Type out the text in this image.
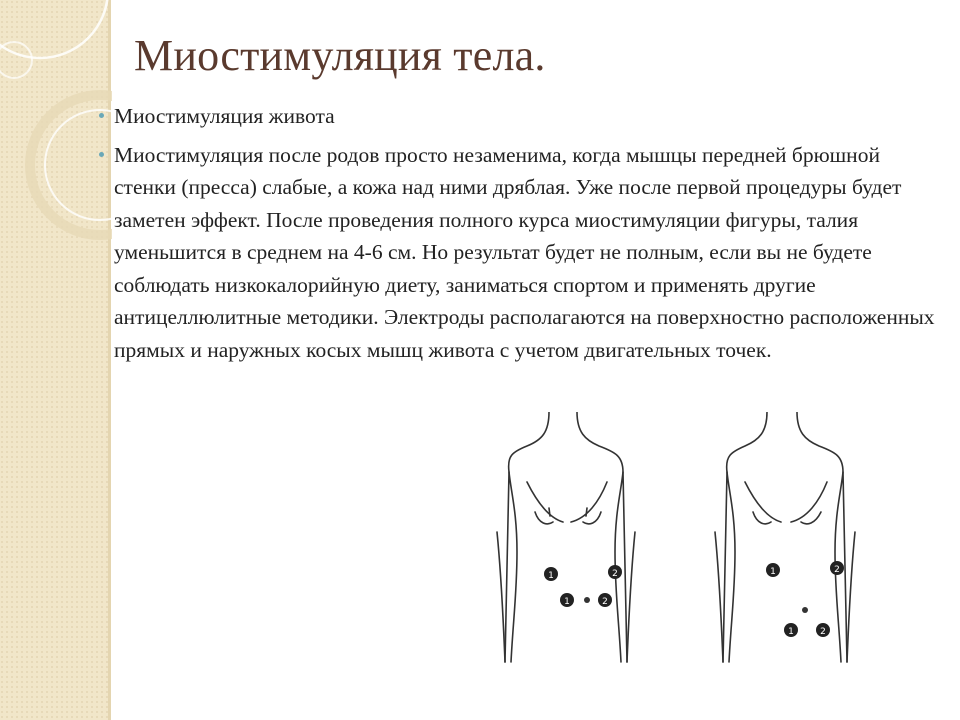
Миостимуляция тела.
Миостимуляция живота
Миостимуляция после родов просто незаменима, когда мышцы передней брюшной стенки (пресса) слабые, а кожа над ними дряблая. Уже после первой процедуры будет заметен эффект. После проведения полного курса миостимуляции фигуры, талия уменьшится в среднем на 4-6 см. Но результат будет не полным, если вы не будете соблюдать низкокалорийную диету, заниматься спортом и применять другие антицеллюлитные методики. Электроды располагаются на поверхностно расположенных прямых и наружных косых мышц живота с учетом двигательных точек.
1	2
1	2
1	2
1	2
